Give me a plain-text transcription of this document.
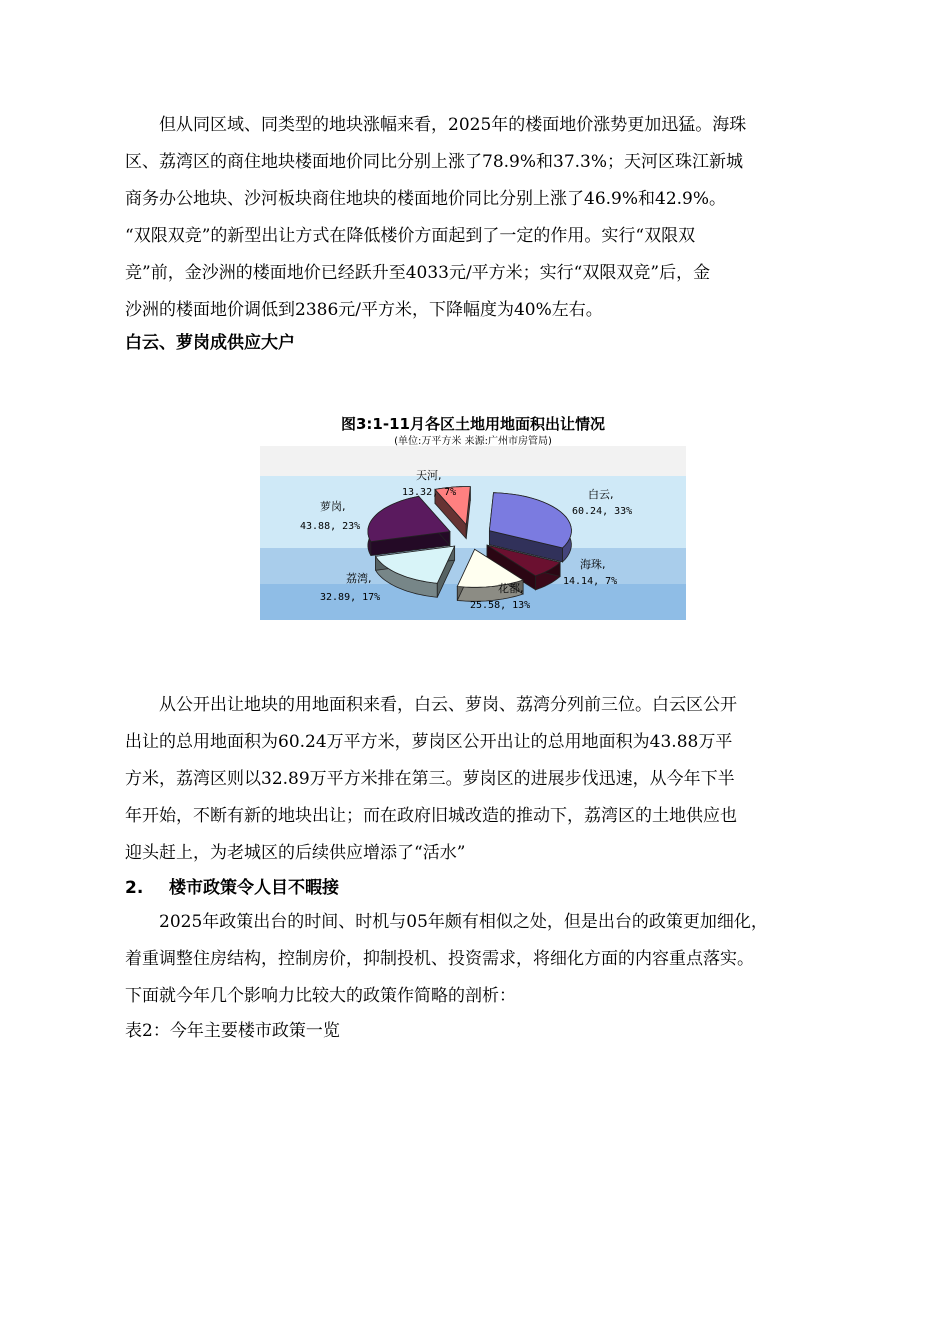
　　但从同区域、同类型的地块涨幅来看，2025年的楼面地价涨势更加迅猛。海珠
区、荔湾区的商住地块楼面地价同比分别上涨了78.9%和37.3%；天河区珠江新城
商务办公地块、沙河板块商住地块的楼面地价同比分别上涨了46.9%和42.9%。
“双限双竞”的新型出让方式在降低楼价方面起到了一定的作用。实行“双限双
竞”前，金沙洲的楼面地价已经跃升至4033元/平方米；实行“双限双竞”后，金
沙洲的楼面地价调低到2386元/平方米，下降幅度为40%左右。
白云、萝岗成供应大户
图3:1-11月各区土地用地面积出让情况
(单位:万平方米 来源:广州市房管局)
白云,
60.24, 33%
海珠,
14.14, 7%
花都,
25.58, 13%
荔湾,
32.89, 17%
萝岗,
43.88, 23%
天河,
13.32, 7%
　　从公开出让地块的用地面积来看，白云、萝岗、荔湾分列前三位。白云区公开
出让的总用地面积为60.24万平方米，萝岗区公开出让的总用地面积为43.88万平
方米，荔湾区则以32.89万平方米排在第三。萝岗区的进展步伐迅速，从今年下半
年开始，不断有新的地块出让；而在政府旧城改造的推动下，荔湾区的土地供应也
迎头赶上，为老城区的后续供应增添了“活水”
2. 楼市政策令人目不暇接
　　2025年政策出台的时间、时机与05年颇有相似之处，但是出台的政策更加细化，
着重调整住房结构，控制房价，抑制投机、投资需求，将细化方面的内容重点落实。
下面就今年几个影响力比较大的政策作简略的剖析：
表2：今年主要楼市政策一览
